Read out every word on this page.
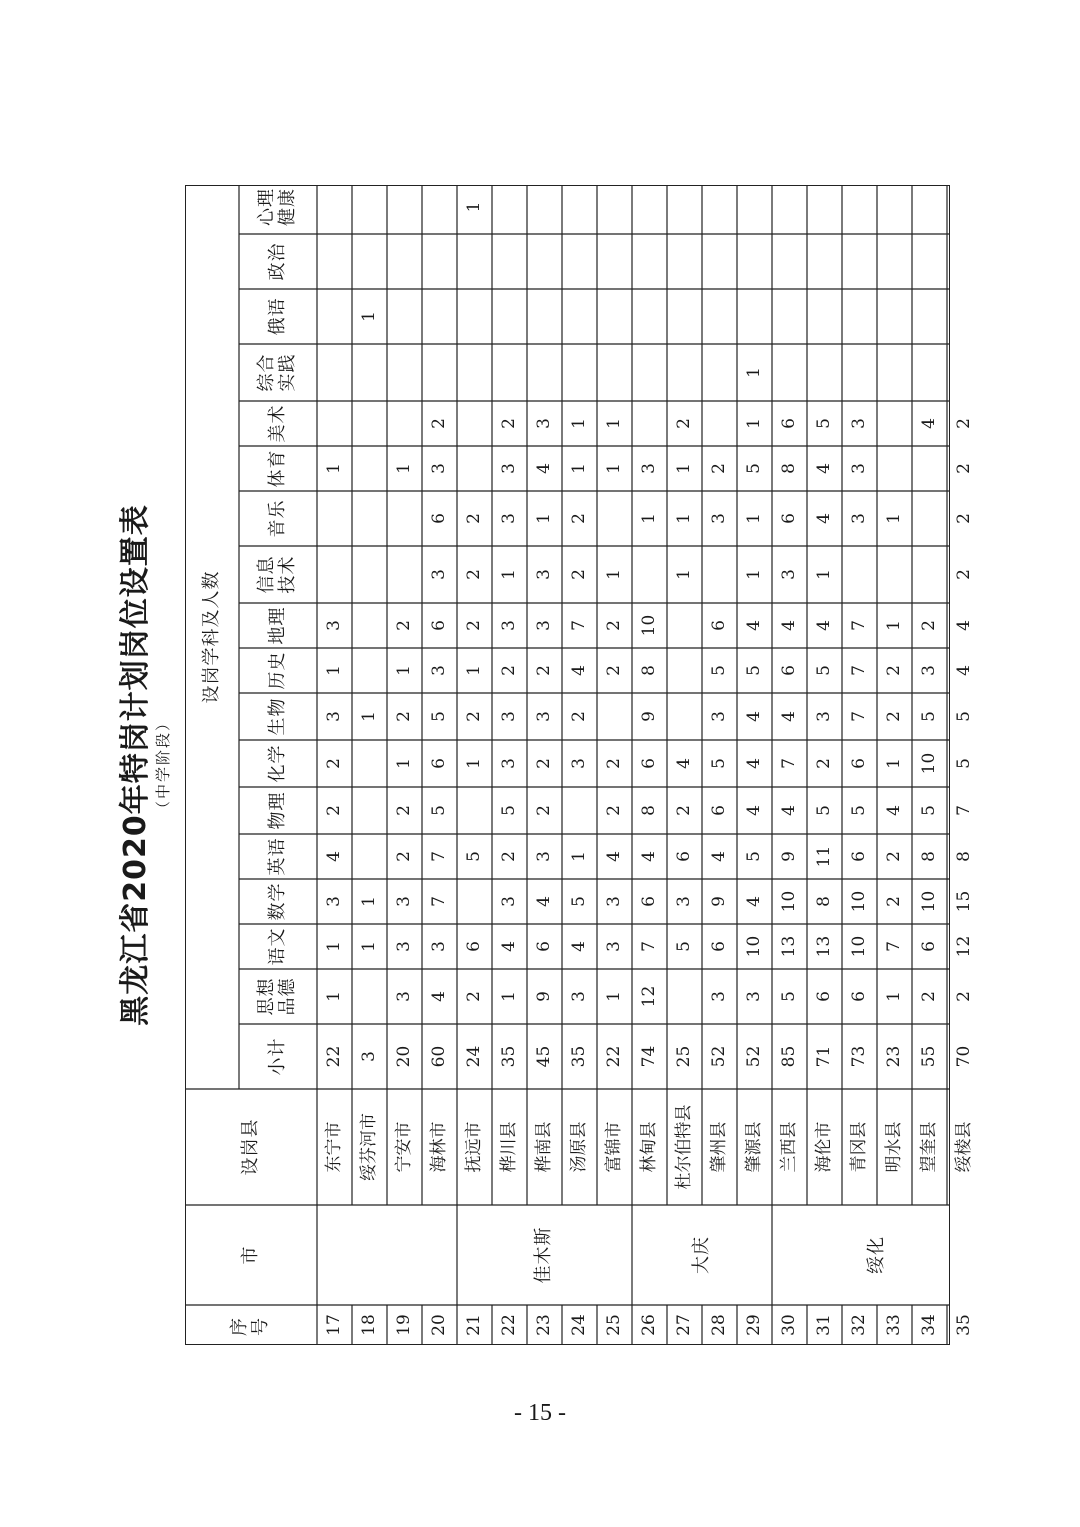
黑龙江省2020年特岗计划岗位设置表 （中学阶段）
序号
市
设岗县
设岗学科及人数
小计
思想品德
语文
数学
英语
物理
化学
生物
历史
地理
信息技术
音乐
体育
美术
综合实践
俄语
政治
心理健康
佳木斯	大庆	绥化
17
东宁市
22
1
1
3
4
2
2
3
1
3
1
18
绥芬河市
3
1
1
1
1
19
宁安市
20
3
3
3
2
2
1
2
1
2
1
20
海林市
60
4
3
7
7
5
6
5
3
6
3
6
3
2
21
抚远市
24
2
6
5
1
2
1
2
2
2
1
22
桦川县
35
1
4
3
2
5
3
3
2
3
1
3
3
2
23
桦南县
45
9
6
4
3
2
2
3
2
3
3
1
4
3
24
汤原县
35
3
4
5
1
3
2
4
7
2
2
1
1
25
富锦市
22
1
3
3
4
2
2
2
2
1
1
1
26
林甸县
74
12
7
6
4
8
6
9
8
10
1
3
27
杜尔伯特县
25
5
3
6
2
4
1
1
1
2
28
肇州县
52
3
6
9
4
6
5
3
5
6
3
2
29
肇源县
52
3
10
4
5
4
4
4
5
4
1
1
5
1
1
30
兰西县
85
5
13
10
9
4
7
4
6
4
3
6
8
6
31
海伦市
71
6
13
8
11
5
2
3
5
4
1
4
4
5
32
青冈县
73
6
10
10
6
5
6
7
7
7
3
3
3
33
明水县
23
1
7
2
2
4
1
2
2
1
1
34
望奎县
55
2
6
10
8
5
10
5
3
2
4
35
绥棱县
70
2
12
15
8
7
5
5
4
4
2
2
2
2
- 15 -
